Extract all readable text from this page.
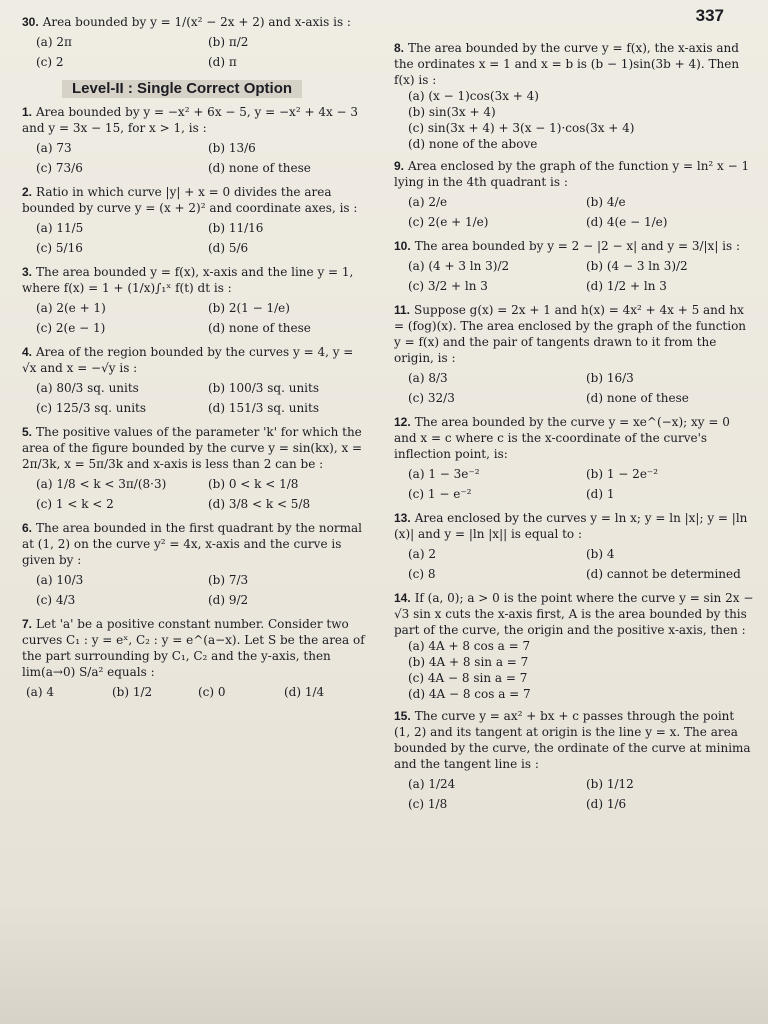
337
30. Area bounded by y = 1/(x² − 2x + 2) and x-axis is :
(a) 2π	(b) π/2
(c) 2	(d) π
Level-II : Single Correct Option
1. Area bounded by y = −x² + 6x − 5, y = −x² + 4x − 3 and y = 3x − 15, for x > 1, is :
(a) 73	(b) 13/6
(c) 73/6	(d) none of these
2. Ratio in which curve |y| + x = 0 divides the area bounded by curve y = (x + 2)² and coordinate axes, is :
(a) 11/5	(b) 11/16
(c) 5/16	(d) 5/6
3. The area bounded y = f(x), x-axis and the line y = 1, where f(x) = 1 + (1/x)∫₁ˣ f(t) dt is :
(a) 2(e + 1)	(b) 2(1 − 1/e)
(c) 2(e − 1)	(d) none of these
4. Area of the region bounded by the curves y = 4, y = √x and x = −√y is :
(a) 80/3 sq. units	(b) 100/3 sq. units
(c) 125/3 sq. units	(d) 151/3 sq. units
5. The positive values of the parameter 'k' for which the area of the figure bounded by the curve y = sin(kx), x = 2π/3k, x = 5π/3k and x-axis is less than 2 can be :
(a) 1/8 < k < 3π/(8·3)	(b) 0 < k < 1/8
(c) 1 < k < 2	(d) 3/8 < k < 5/8
6. The area bounded in the first quadrant by the normal at (1, 2) on the curve y² = 4x, x-axis and the curve is given by :
(a) 10/3	(b) 7/3
(c) 4/3	(d) 9/2
7. Let 'a' be a positive constant number. Consider two curves C₁ : y = eˣ, C₂ : y = e^(a−x). Let S be the area of the part surrounding by C₁, C₂ and the y-axis, then lim(a→0) S/a² equals :
(a) 4	(b) 1/2	(c) 0	(d) 1/4
8. The area bounded by the curve y = f(x), the x-axis and the ordinates x = 1 and x = b is (b − 1)sin(3b + 4). Then f(x) is :
(a) (x − 1)cos(3x + 4)
(b) sin(3x + 4)
(c) sin(3x + 4) + 3(x − 1)·cos(3x + 4)
(d) none of the above
9. Area enclosed by the graph of the function y = ln² x − 1 lying in the 4th quadrant is :
(a) 2/e	(b) 4/e
(c) 2(e + 1/e)	(d) 4(e − 1/e)
10. The area bounded by y = 2 − |2 − x| and y = 3/|x| is :
(a) (4 + 3 ln 3)/2	(b) (4 − 3 ln 3)/2
(c) 3/2 + ln 3	(d) 1/2 + ln 3
11. Suppose g(x) = 2x + 1 and h(x) = 4x² + 4x + 5 and hx = (fog)(x). The area enclosed by the graph of the function y = f(x) and the pair of tangents drawn to it from the origin, is :
(a) 8/3	(b) 16/3
(c) 32/3	(d) none of these
12. The area bounded by the curve y = xe^(−x); xy = 0 and x = c where c is the x-coordinate of the curve's inflection point, is:
(a) 1 − 3e⁻²	(b) 1 − 2e⁻²
(c) 1 − e⁻²	(d) 1
13. Area enclosed by the curves y = ln x; y = ln |x|; y = |ln (x)| and y = |ln |x|| is equal to :
(a) 2	(b) 4
(c) 8	(d) cannot be determined
14. If (a, 0); a > 0 is the point where the curve y = sin 2x − √3 sin x cuts the x-axis first, A is the area bounded by this part of the curve, the origin and the positive x-axis, then :
(a) 4A + 8 cos a = 7
(b) 4A + 8 sin a = 7
(c) 4A − 8 sin a = 7
(d) 4A − 8 cos a = 7
15. The curve y = ax² + bx + c passes through the point (1, 2) and its tangent at origin is the line y = x. The area bounded by the curve, the ordinate of the curve at minima and the tangent line is :
(a) 1/24	(b) 1/12
(c) 1/8	(d) 1/6
